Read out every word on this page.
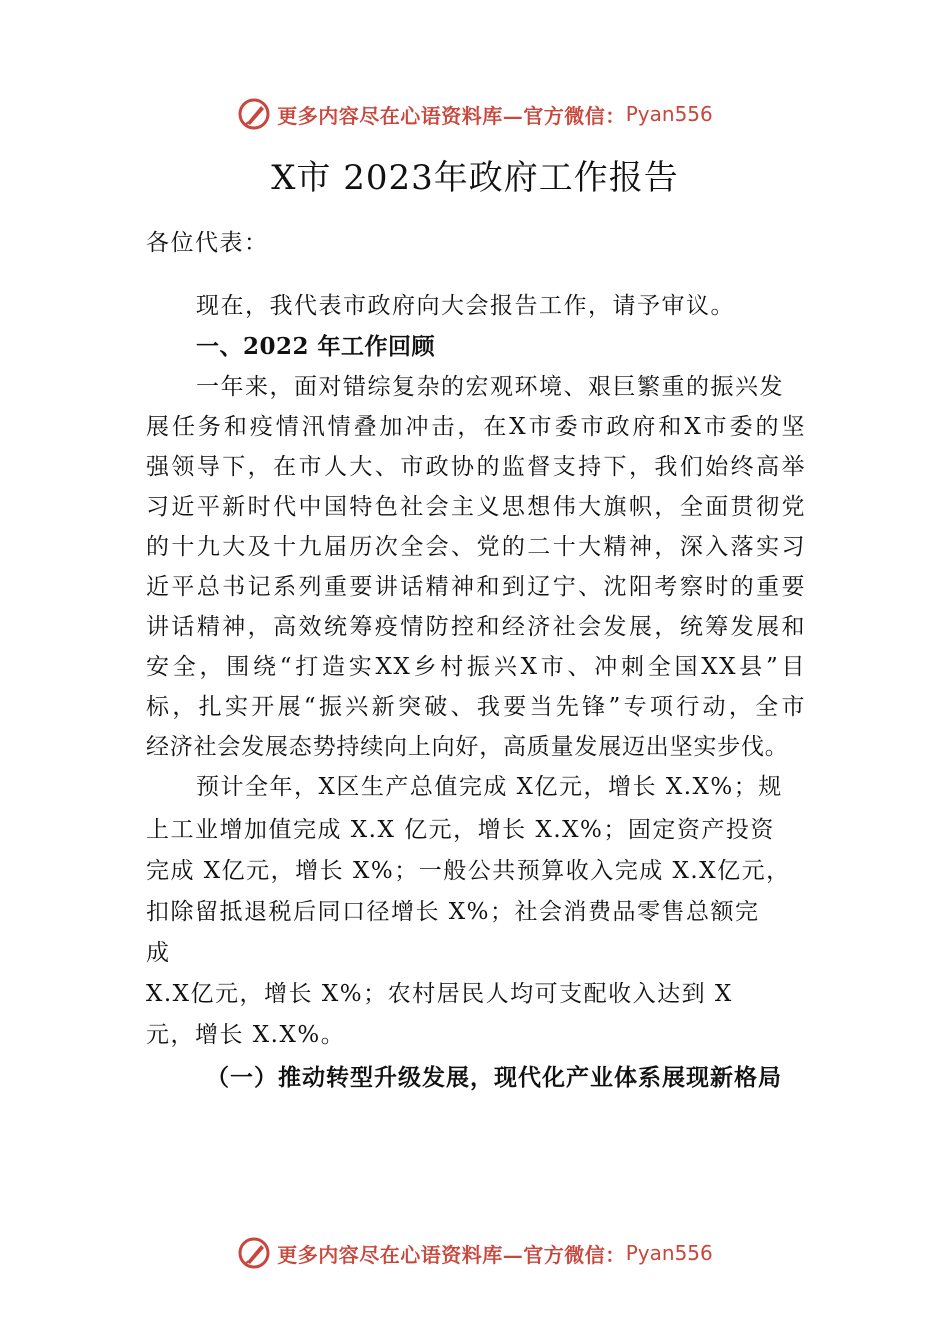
更多内容尽在心语资料库—官方微信： Pyan556
X市 2023年政府工作报告
各位代表：
现在，我代表市政府向大会报告工作，请予审议。
一、2022 年工作回顾
一年来，面对错综复杂的宏观环境、艰巨繁重的振兴发
展任务和疫情汛情叠加冲击，在X市委市政府和X市委的坚
强领导下，在市人大、市政协的监督支持下，我们始终高举
习近平新时代中国特色社会主义思想伟大旗帜，全面贯彻党
的十九大及十九届历次全会、党的二十大精神，深入落实习
近平总书记系列重要讲话精神和到辽宁、沈阳考察时的重要
讲话精神，高效统筹疫情防控和经济社会发展，统筹发展和
安全，围绕“打造实XX乡村振兴X市、冲刺全国XX县”目
标，扎实开展“振兴新突破、我要当先锋”专项行动，全市
经济社会发展态势持续向上向好，高质量发展迈出坚实步伐。
预计全年，X区生产总值完成 X亿元，增长 X.X%；规
上工业增加值完成 X.X 亿元，增长 X.X%；固定资产投资
完成 X亿元，增长 X%；一般公共预算收入完成 X.X亿元，
扣除留抵退税后同口径增长 X%；社会消费品零售总额完
成
X.X亿元，增长 X%；农村居民人均可支配收入达到 X
元，增长 X.X%。
（一）推动转型升级发展，现代化产业体系展现新格局
更多内容尽在心语资料库—官方微信： Pyan556
